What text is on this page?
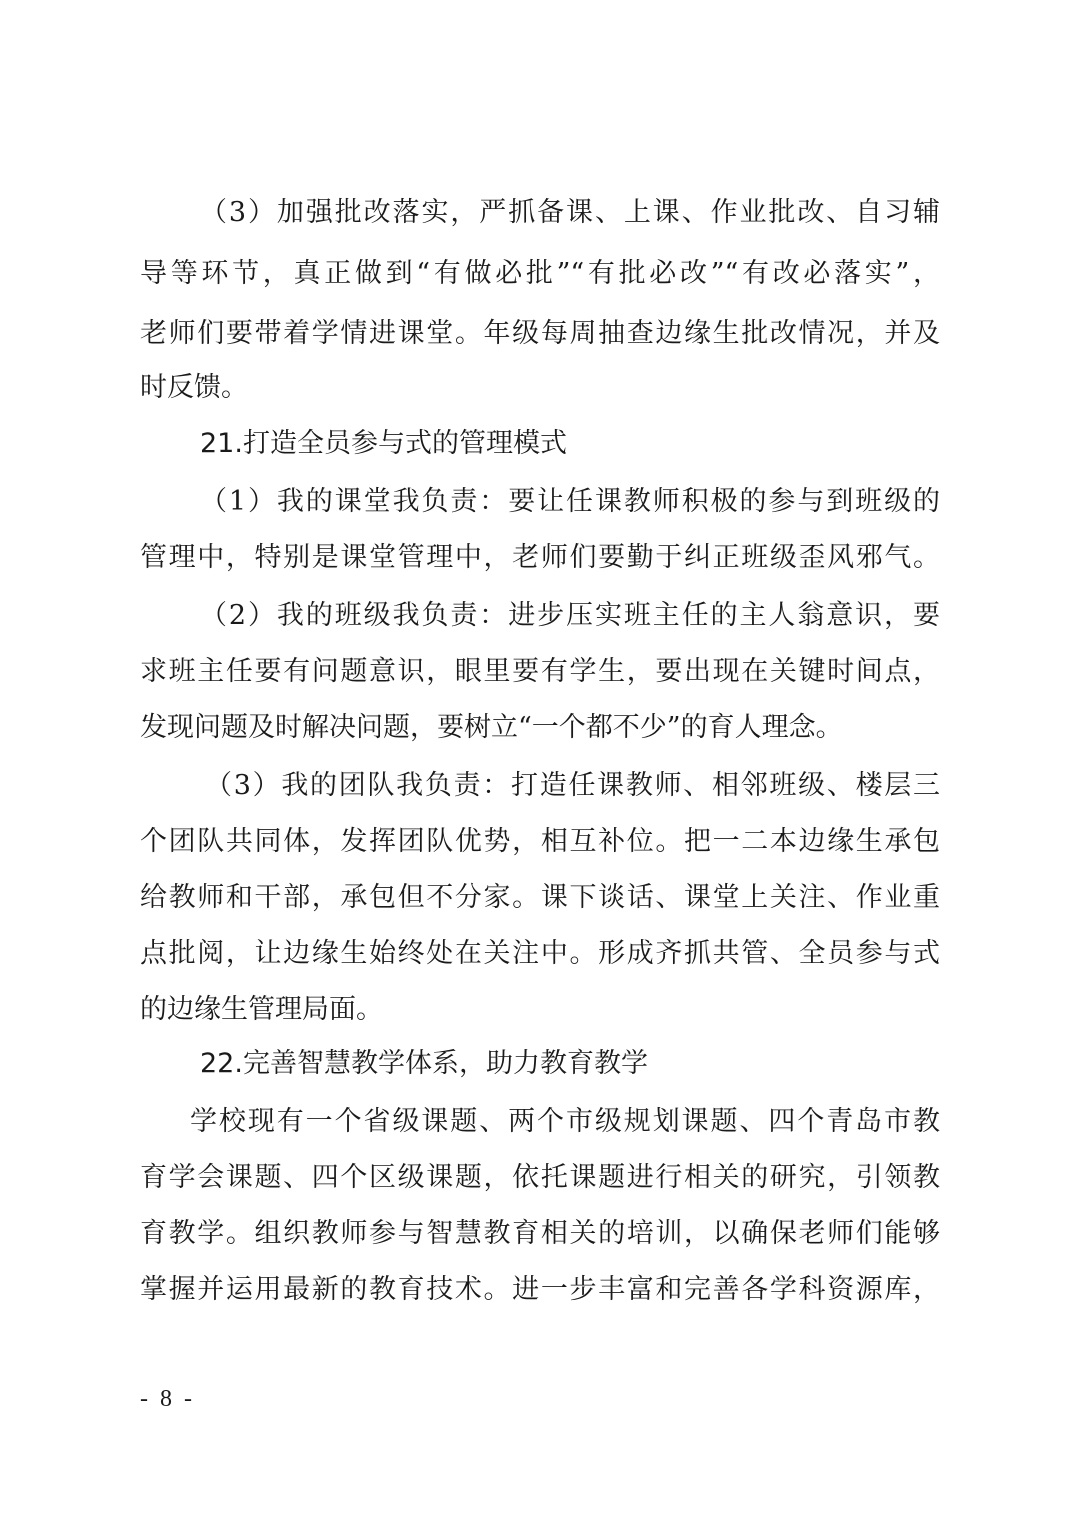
（3）加强批改落实，严抓备课、上课、作业批改、自习辅
导等环节，真正做到“有做必批”“有批必改”“有改必落实”，
老师们要带着学情进课堂。年级每周抽查边缘生批改情况，并及
时反馈。
21.打造全员参与式的管理模式
（1）我的课堂我负责：要让任课教师积极的参与到班级的
管理中，特别是课堂管理中，老师们要勤于纠正班级歪风邪气。
（2）我的班级我负责：进步压实班主任的主人翁意识，要
求班主任要有问题意识，眼里要有学生，要出现在关键时间点，
发现问题及时解决问题，要树立“一个都不少”的育人理念。
（3）我的团队我负责：打造任课教师、相邻班级、楼层三
个团队共同体，发挥团队优势，相互补位。把一二本边缘生承包
给教师和干部，承包但不分家。课下谈话、课堂上关注、作业重
点批阅，让边缘生始终处在关注中。形成齐抓共管、全员参与式
的边缘生管理局面。
22.完善智慧教学体系，助力教育教学
学校现有一个省级课题、两个市级规划课题、四个青岛市教
育学会课题、四个区级课题，依托课题进行相关的研究，引领教
育教学。组织教师参与智慧教育相关的培训，以确保老师们能够
掌握并运用最新的教育技术。进一步丰富和完善各学科资源库，
- 8 -
